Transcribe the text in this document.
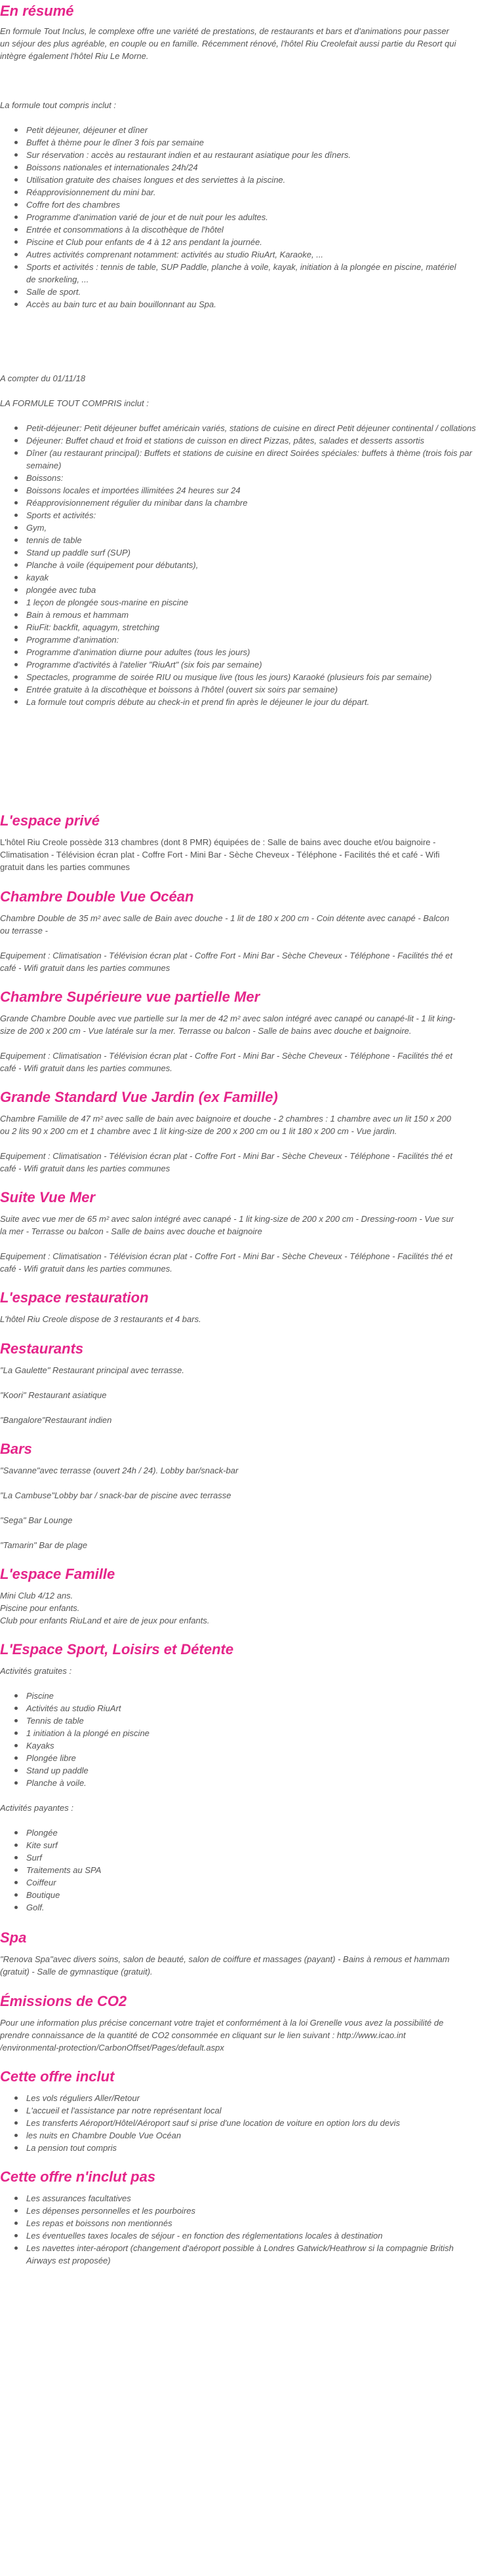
En résumé

En formule Tout Inclus, le complexe offre une variété de prestations, de restaurants et bars et d'animations pour passer

un séjour des plus agréable, en couple ou en famille. Récemment rénové, l'hôtel Riu Creolefait aussi partie du Resort qui

intègre également l'hôtel Riu Le Morne.

La formule tout compris inclut :

Petit déjeuner, déjeuner et dîner
Buffet à thème pour le dîner 3 fois par semaine
Sur réservation : accès au restaurant indien et au restaurant asiatique pour les dîners.
Boissons nationales et internationales 24h/24
Utilisation gratuite des chaises longues et des serviettes à la piscine.
Réapprovisionnement du mini bar.
Coffre fort des chambres
Programme d'animation varié de jour et de nuit pour les adultes.
Entrée et consommations à la discothèque de l'hôtel
Piscine et Club pour enfants de 4 à 12 ans pendant la journée.
Autres activités comprenant notamment: activités au studio RiuArt, Karaoke, ...
Sports et activités : tennis de table, SUP Paddle, planche à voile, kayak, initiation à la plongée en piscine, matériel de snorkeling, ...
Salle de sport.
Accès au bain turc et au bain bouillonnant au Spa.

A compter du 01/11/18

LA FORMULE TOUT COMPRIS inclut :

Petit-déjeuner: Petit déjeuner buffet américain variés, stations de cuisine en direct Petit déjeuner continental / collations
Déjeuner: Buffet chaud et froid et stations de cuisson en direct Pizzas, pâtes, salades et desserts assortis
Dîner (au restaurant principal): Buffets et stations de cuisine en direct Soirées spéciales: buffets à thème (trois fois par semaine)
Boissons:
Boissons locales et importées illimitées 24 heures sur 24
Réapprovisionnement régulier du minibar dans la chambre
Sports et activités:
Gym,
tennis de table
Stand up paddle surf (SUP)
Planche à voile (équipement pour débutants),
kayak
plongée avec tuba
1 leçon de plongée sous-marine en piscine
Bain à remous et hammam
RiuFit: backfit, aquagym, stretching
Programme d'animation:
Programme d'animation diurne pour adultes (tous les jours)
Programme d'activités à l'atelier "RiuArt" (six fois par semaine)
Spectacles, programme de soirée RIU ou musique live (tous les jours) Karaoké (plusieurs fois par semaine)
Entrée gratuite à la discothèque et boissons à l'hôtel (ouvert six soirs par semaine)
La formule tout compris débute au check-in et prend fin après le déjeuner le jour du départ.
L'espace privé

L'hôtel Riu Creole possède 313 chambres (dont 8 PMR) équipées de : Salle de bains avec douche et/ou baignoire -

Climatisation - Télévision écran plat - Coffre Fort - Mini Bar - Sèche Cheveux - Téléphone - Facilités thé et café - Wifi

gratuit dans les parties communes

Chambre Double Vue Océan

Chambre Double de 35 m² avec salle de Bain avec douche - 1 lit de 180 x 200 cm - Coin détente avec canapé - Balcon

ou terrasse -

Equipement : Climatisation - Télévision écran plat - Coffre Fort - Mini Bar - Sèche Cheveux - Téléphone - Facilités thé et

café - Wifi gratuit dans les parties communes

Chambre Supérieure vue partielle Mer

Grande Chambre Double avec vue partielle sur la mer de 42 m² avec salon intégré avec canapé ou canapé-lit - 1 lit king-

size de 200 x 200 cm - Vue latérale sur la mer. Terrasse ou balcon - Salle de bains avec douche et baignoire.

Equipement : Climatisation - Télévision écran plat - Coffre Fort - Mini Bar - Sèche Cheveux - Téléphone - Facilités thé et

café - Wifi gratuit dans les parties communes.

Grande Standard Vue Jardin (ex Famille)

Chambre Familile de 47 m² avec salle de bain avec baignoire et douche - 2 chambres : 1 chambre avec un lit 150 x 200

ou 2 lits 90 x 200 cm et 1 chambre avec 1 lit king-size de 200 x 200 cm ou 1 lit 180 x 200 cm - Vue jardin.

Equipement : Climatisation - Télévision écran plat - Coffre Fort - Mini Bar - Sèche Cheveux - Téléphone - Facilités thé et

café - Wifi gratuit dans les parties communes

Suite Vue Mer

Suite avec vue mer de 65 m² avec salon intégré avec canapé - 1 lit king-size de 200 x 200 cm - Dressing-room - Vue sur

la mer - Terrasse ou balcon - Salle de bains avec douche et baignoire

Equipement : Climatisation - Télévision écran plat - Coffre Fort - Mini Bar - Sèche Cheveux - Téléphone - Facilités thé et

café - Wifi gratuit dans les parties communes.

L'espace restauration

L'hôtel Riu Creole dispose de 3 restaurants et 4 bars.

Restaurants

"La Gaulette" Restaurant principal avec terrasse.

"Koori" Restaurant asiatique

"Bangalore"Restaurant indien

Bars

"Savanne"avec terrasse (ouvert 24h / 24). Lobby bar/snack-bar

"La Cambuse"Lobby bar / snack-bar de piscine avec terrasse

"Sega" Bar Lounge

"Tamarin" Bar de plage

L'espace Famille

Mini Club 4/12 ans.

Piscine pour enfants.

Club pour enfants RiuLand et aire de jeux pour enfants.

L'Espace Sport, Loisirs et Détente

Activités gratuites :

Piscine
Activités au studio RiuArt
Tennis de table
1 initiation à la plongé en piscine
Kayaks
Plongée libre
Stand up paddle
Planche à voile.

Activités payantes :

Plongée
Kite surf
Surf
Traitements au SPA
Coiffeur
Boutique
Golf.
Spa

"Renova Spa"avec divers soins, salon de beauté, salon de coiffure et massages (payant) - Bains à remous et hammam

(gratuit) - Salle de gymnastique (gratuit).

Émissions de CO2

Pour une information plus précise concernant votre trajet et conformément à la loi Grenelle vous avez la possibilité de

prendre connaissance de la quantité de CO2 consommée en cliquant sur le lien suivant : http://www.icao.int

/environmental-protection/CarbonOffset/Pages/default.aspx

Cette offre inclut
Les vols réguliers Aller/Retour
L'accueil et l'assistance par notre représentant local
Les transferts Aéroport/Hôtel/Aéroport sauf si prise d'une location de voiture en option lors du devis
les nuits en Chambre Double Vue Océan
La pension tout compris
Cette offre n'inclut pas
Les assurances facultatives
Les dépenses personnelles et les pourboires
Les repas et boissons non mentionnés
Les éventuelles taxes locales de séjour - en fonction des réglementations locales à destination
Les navettes inter-aéroport (changement d'aéroport possible à Londres Gatwick/Heathrow si la compagnie British Airways est proposée)
